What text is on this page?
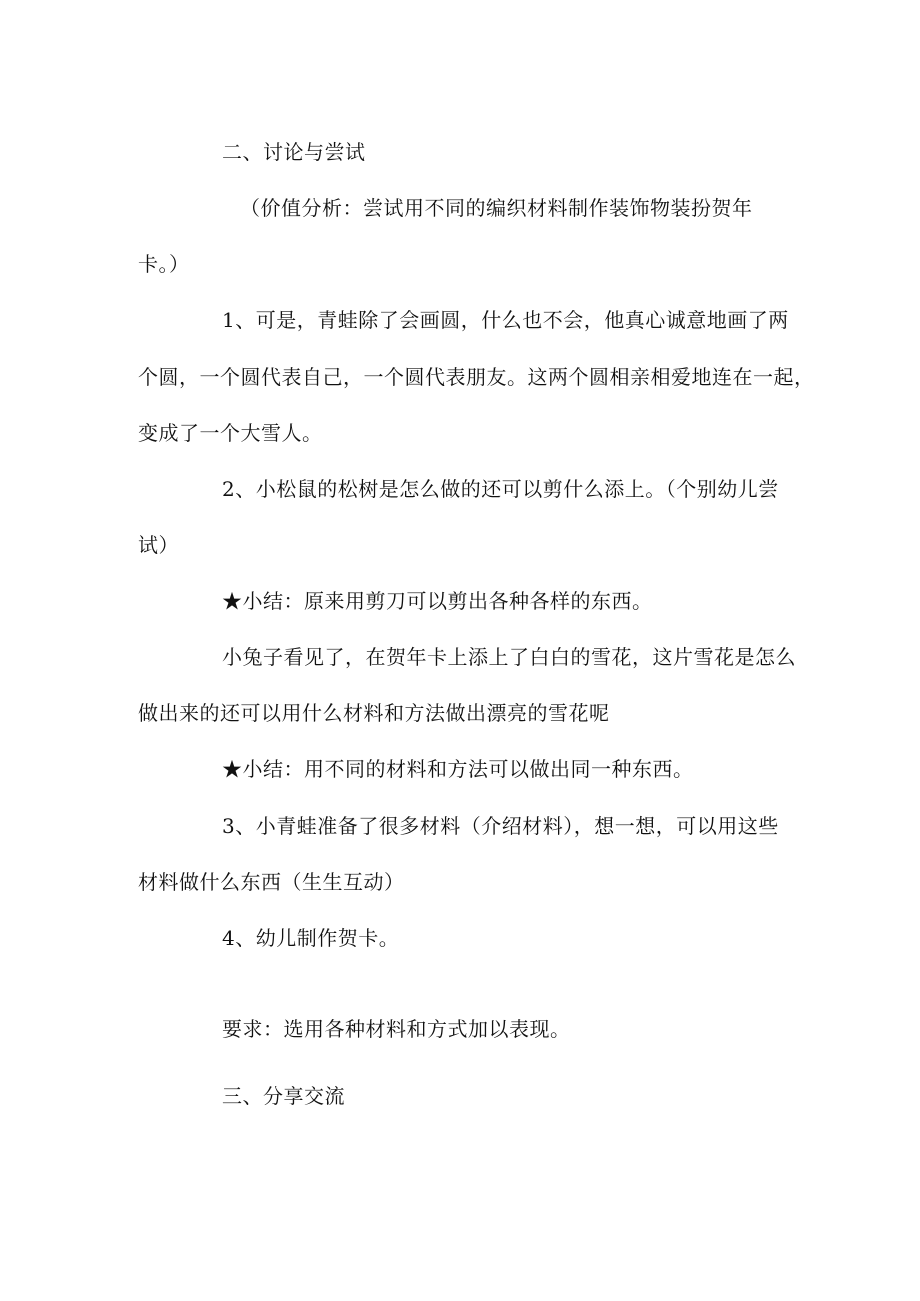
二、讨论与尝试
（价值分析：尝试用不同的编织材料制作装饰物装扮贺年
卡。）
1、可是，青蛙除了会画圆，什么也不会，他真心诚意地画了两
个圆，一个圆代表自己，一个圆代表朋友。这两个圆相亲相爱地连在一起，
变成了一个大雪人。
2、小松鼠的松树是怎么做的还可以剪什么添上。（个别幼儿尝
试）
★小结：原来用剪刀可以剪出各种各样的东西。
小兔子看见了，在贺年卡上添上了白白的雪花，这片雪花是怎么
做出来的还可以用什么材料和方法做出漂亮的雪花呢
★小结：用不同的材料和方法可以做出同一种东西。
3、小青蛙准备了很多材料（介绍材料），想一想，可以用这些
材料做什么东西（生生互动）
4、幼儿制作贺卡。
要求：选用各种材料和方式加以表现。
三、分享交流
